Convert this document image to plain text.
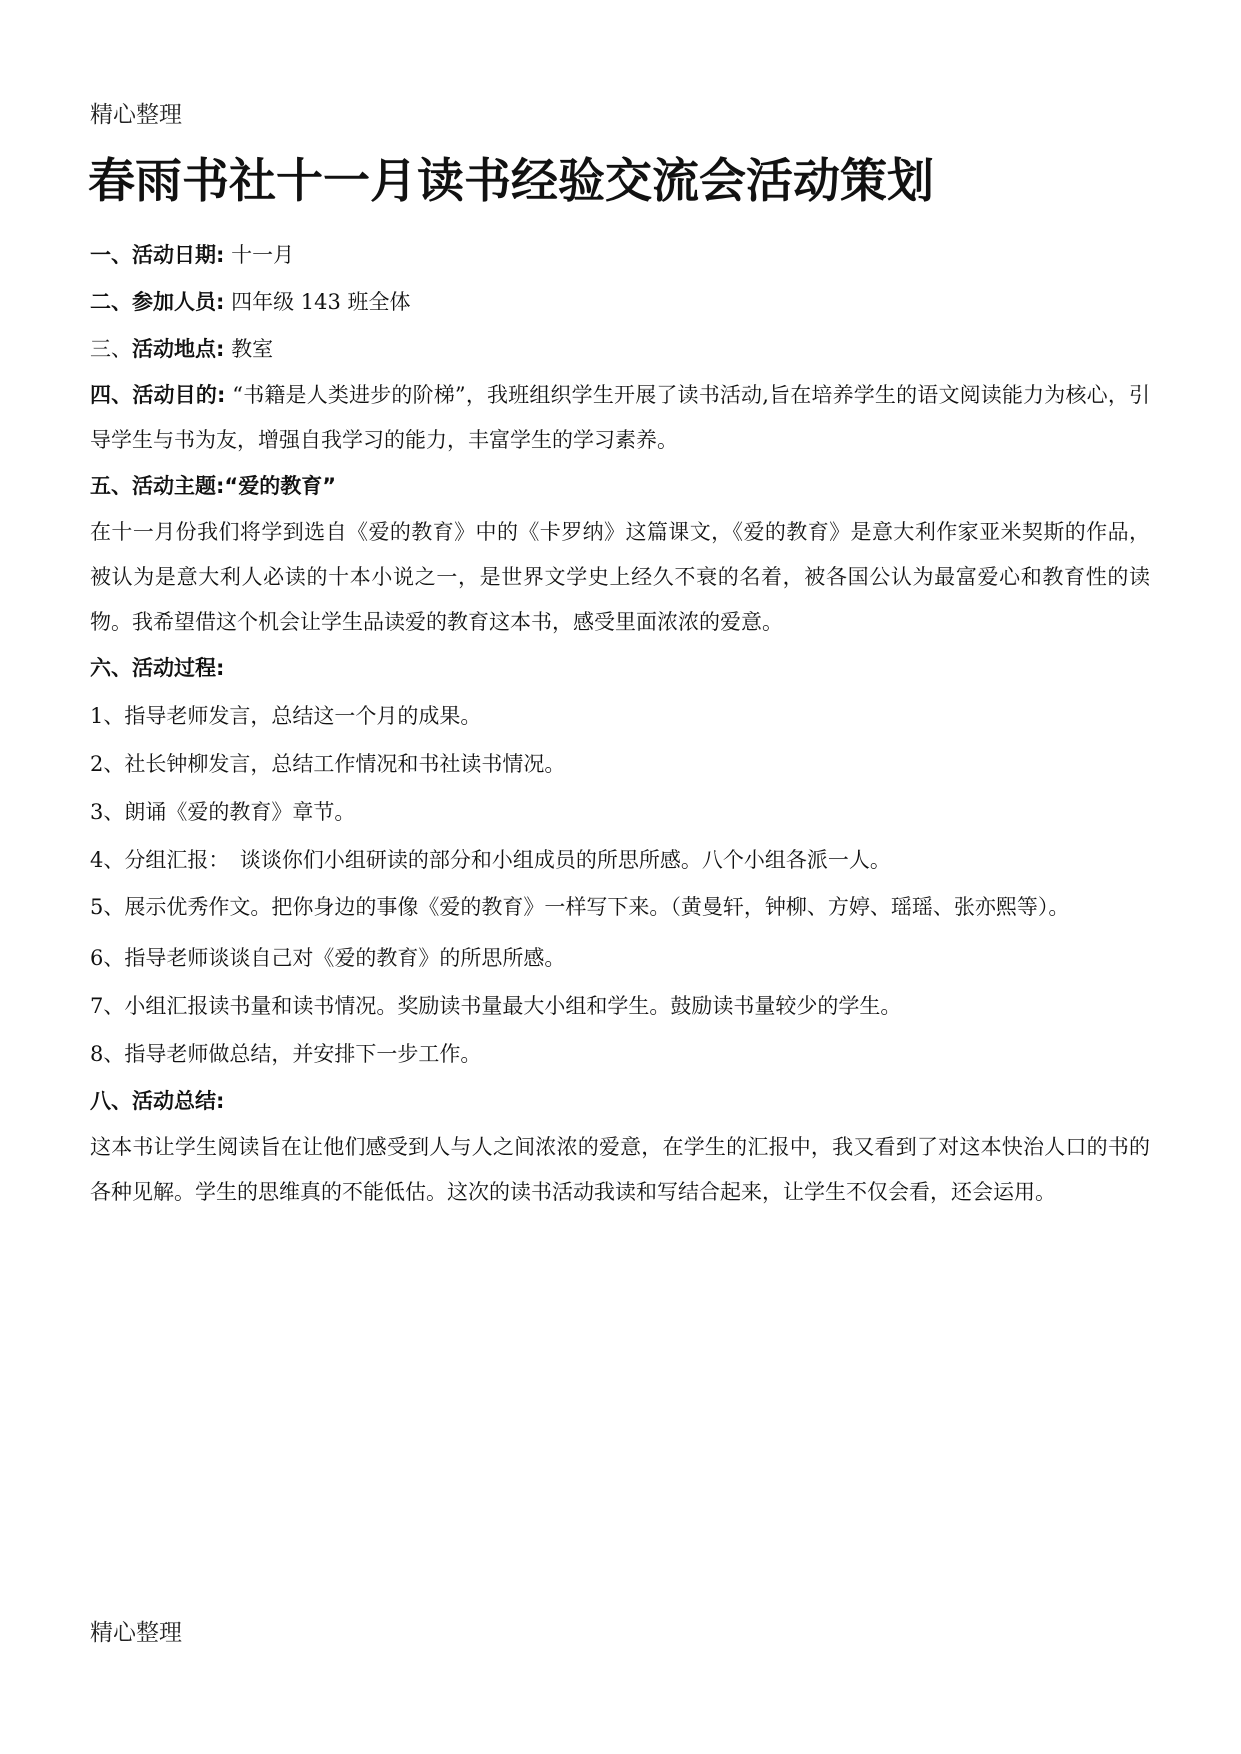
精心整理
春雨书社十一月读书经验交流会活动策划
一、活动日期: 十一月
二、参加人员: 四年级 143 班全体
三、活动地点: 教室

四、活动目的: “书籍是人类进步的阶梯”，我班组织学生开展了读书活动,旨在培养学生的语文阅读能力为核心，引导学生与书为友，增强自我学习的能力，丰富学生的学习素养。

五、活动主题:“爱的教育”

在十一月份我们将学到选自《爱的教育》中的《卡罗纳》这篇课文，《爱的教育》是意大利作家亚米契斯的作品，被认为是意大利人必读的十本小说之一，是世界文学史上经久不衰的名着，被各国公认为最富爱心和教育性的读物。我希望借这个机会让学生品读爱的教育这本书，感受里面浓浓的爱意。

六、活动过程:
1、指导老师发言，总结这一个月的成果。
2、社长钟柳发言，总结工作情况和书社读书情况。
3、朗诵《爱的教育》章节。
4、分组汇报：　谈谈你们小组研读的部分和小组成员的所思所感。八个小组各派一人。
5、展示优秀作文。把你身边的事像《爱的教育》一样写下来。（黄曼轩，钟柳、方婷、瑶瑶、张亦熙等）。
6、指导老师谈谈自己对《爱的教育》的所思所感。
7、小组汇报读书量和读书情况。奖励读书量最大小组和学生。鼓励读书量较少的学生。
8、指导老师做总结，并安排下一步工作。
八、活动总结:

这本书让学生阅读旨在让他们感受到人与人之间浓浓的爱意，在学生的汇报中，我又看到了对这本快治人口的书的各种见解。学生的思维真的不能低估。这次的读书活动我读和写结合起来，让学生不仅会看，还会运用。

精心整理
